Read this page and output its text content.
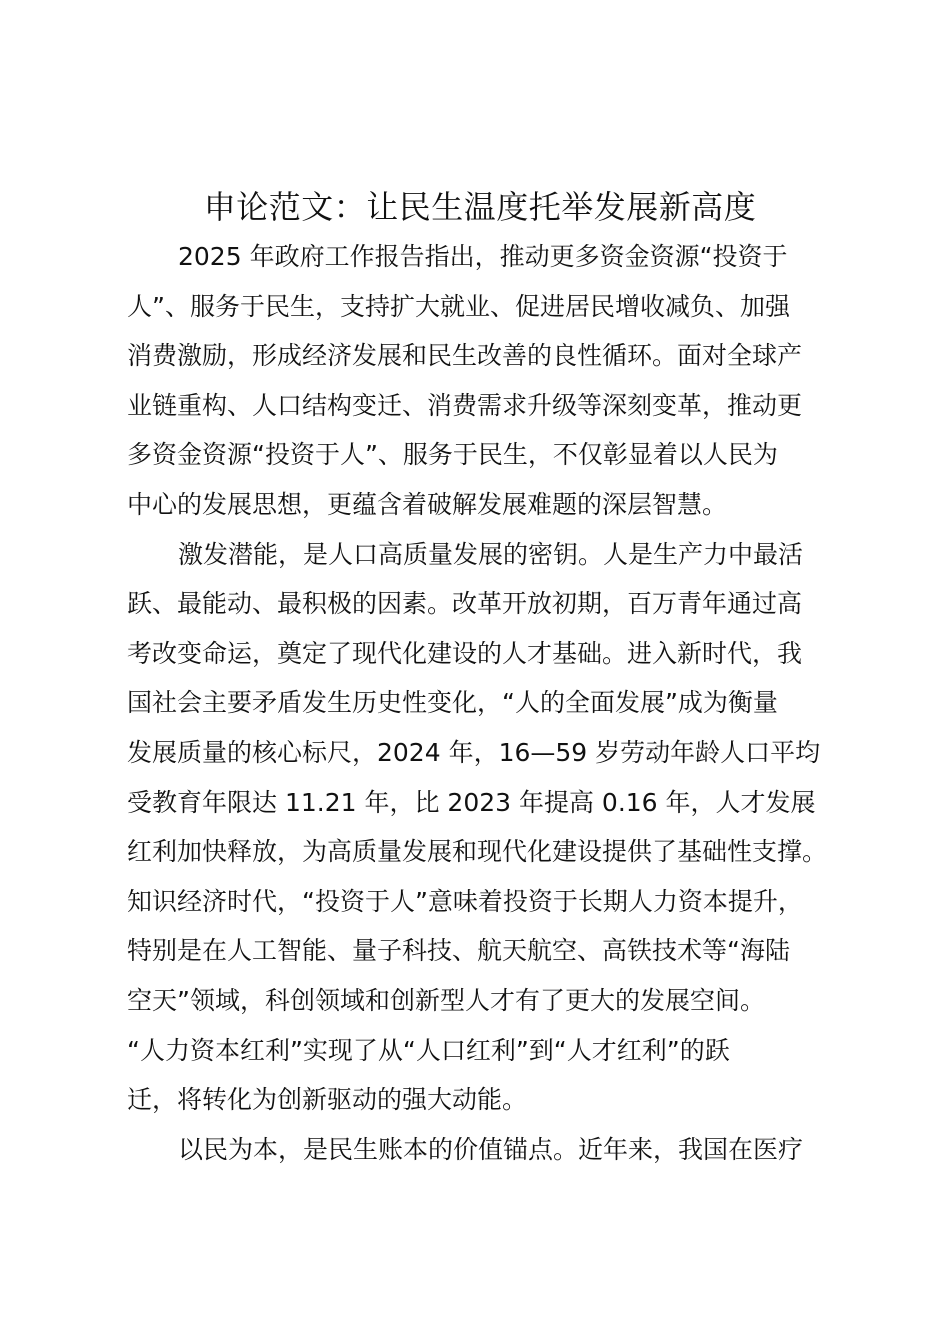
申论范文：让民生温度托举发展新高度
2025 年政府工作报告指出，推动更多资金资源“投资于
人”、服务于民生，支持扩大就业、促进居民增收减负、加强
消费激励，形成经济发展和民生改善的良性循环。面对全球产
业链重构、人口结构变迁、消费需求升级等深刻变革，推动更
多资金资源“投资于人”、服务于民生，不仅彰显着以人民为
中心的发展思想，更蕴含着破解发展难题的深层智慧。
激发潜能，是人口高质量发展的密钥。人是生产力中最活
跃、最能动、最积极的因素。改革开放初期，百万青年通过高
考改变命运，奠定了现代化建设的人才基础。进入新时代，我
国社会主要矛盾发生历史性变化，“人的全面发展”成为衡量
发展质量的核心标尺，2024 年，16—59 岁劳动年龄人口平均
受教育年限达 11.21 年，比 2023 年提高 0.16 年，人才发展
红利加快释放，为高质量发展和现代化建设提供了基础性支撑。
知识经济时代，“投资于人”意味着投资于长期人力资本提升，
特别是在人工智能、量子科技、航天航空、高铁技术等“海陆
空天”领域，科创领域和创新型人才有了更大的发展空间。
“人力资本红利”实现了从“人口红利”到“人才红利”的跃
迁，将转化为创新驱动的强大动能。
以民为本，是民生账本的价值锚点。近年来，我国在医疗
